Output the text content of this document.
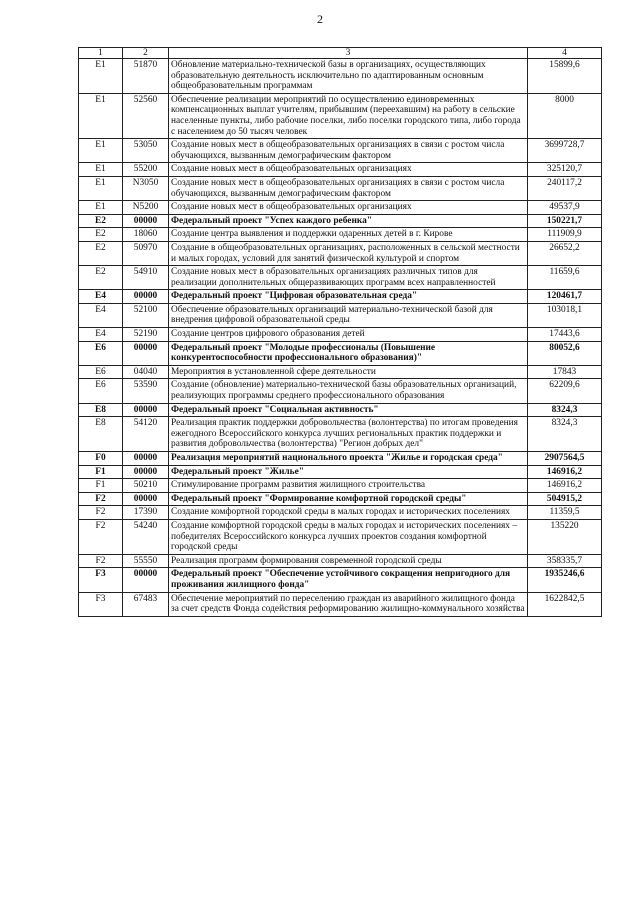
2
1	2	3	4
Е1	51870	Обновление материально-технической базы в организациях, осуществляющих образовательную деятельность исключительно по адаптированным основным общеобразовательным программам	15899,6
Е1	52560	Обеспечение реализации мероприятий по осуществлению единовременных компенсационных выплат учителям, прибывшим (переехавшим) на работу в сельские населенные пункты, либо рабочие поселки, либо поселки городского типа, либо города с населением до 50 тысяч человек	8000
Е1	53050	Создание новых мест в общеобразовательных организациях в связи с ростом числа обучающихся, вызванным демографическим фактором	3699728,7
Е1	55200	Создание новых мест в общеобразовательных организациях	325120,7
Е1	N3050	Создание новых мест в общеобразовательных организациях в связи с ростом числа обучающихся, вызванным демографическим фактором	240117,2
Е1	N5200	Создание новых мест в общеобразовательных организациях	49537,9
Е2	00000	Федеральный проект "Успех каждого ребенка"	150221,7
Е2	18060	Создание центра выявления и поддержки одаренных детей в г. Кирове	111909,9
Е2	50970	Создание в общеобразовательных организациях, расположенных в сельской местности и малых городах, условий для занятий физической культурой и спортом	26652,2
Е2	54910	Создание новых мест в образовательных организациях различных типов для реализации дополнительных общеразвивающих программ всех направленностей	11659,6
Е4	00000	Федеральный проект "Цифровая образовательная среда"	120461,7
Е4	52100	Обеспечение образовательных организаций материально-технической базой для внедрения цифровой образовательной среды	103018,1
Е4	52190	Создание центров цифрового образования детей	17443,6
Е6	00000	Федеральный проект "Молодые профессионалы (Повышение конкурентоспособности профессионального образования)"	80052,6
Е6	04040	Мероприятия в установленной сфере деятельности	17843
Е6	53590	Создание (обновление) материально-технической базы образовательных организаций, реализующих программы среднего профессионального образования	62209,6
Е8	00000	Федеральный проект "Социальная активность"	8324,3
Е8	54120	Реализация практик поддержки добровольчества (волонтерства) по итогам проведения ежегодного Всероссийского конкурса лучших региональных практик поддержки и развития добровольчества (волонтерства) "Регион добрых дел"	8324,3
F0	00000	Реализация мероприятий национального проекта "Жилье и городская среда"	2907564,5
F1	00000	Федеральный проект "Жилье"	146916,2
F1	50210	Стимулирование программ развития жилищного строительства	146916,2
F2	00000	Федеральный проект "Формирование комфортной городской среды"	504915,2
F2	17390	Создание комфортной городской среды в малых городах и исторических поселениях	11359,5
F2	54240	Создание комфортной городской среды в малых городах и исторических поселениях – победителях Всероссийского конкурса лучших проектов создания комфортной городской среды	135220
F2	55550	Реализация программ формирования современной городской среды	358335,7
F3	00000	Федеральный проект "Обеспечение устойчивого сокращения непригодного для проживания жилищного фонда"	1935246,6
F3	67483	Обеспечение мероприятий по переселению граждан из аварийного жилищного фонда за счет средств Фонда содействия реформированию жилищно-коммунального хозяйства	1622842,5
